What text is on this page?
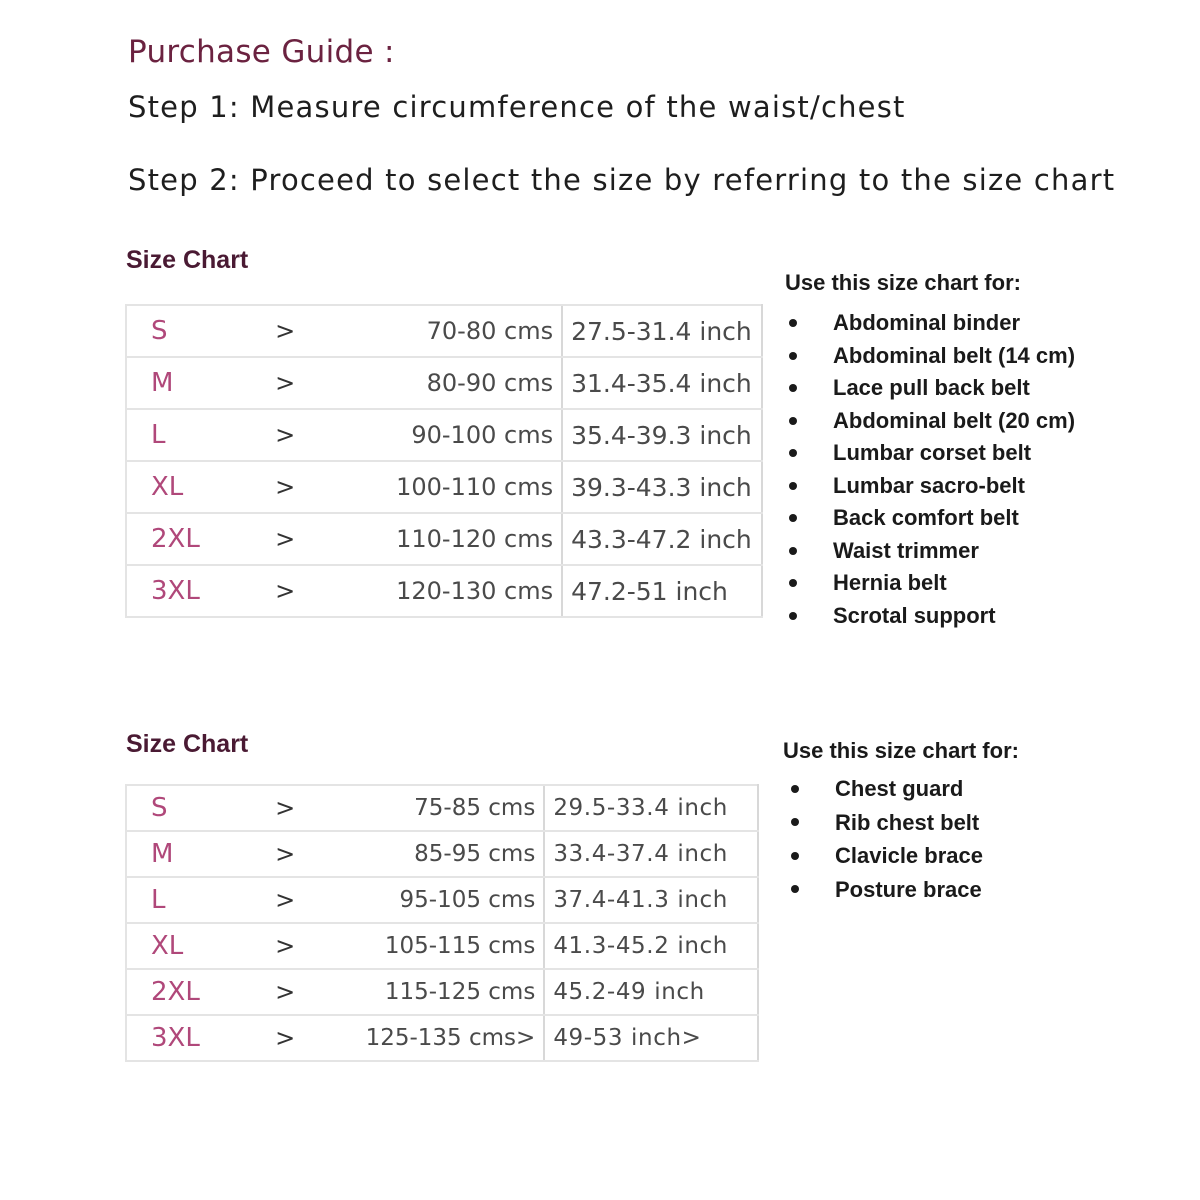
Purchase Guide :
Step 1: Measure circumference of the waist/chest
Step 2: Proceed to select the size by referring to the size chart
Size Chart
S	>	70-80 cms	27.5-31.4 inch
M	>	80-90 cms	31.4-35.4 inch
L	>	90-100 cms	35.4-39.3 inch
XL	>	100-110 cms	39.3-43.3 inch
2XL	>	110-120 cms	43.3-47.2 inch
3XL	>	120-130 cms	47.2-51 inch
Use this size chart for:
Abdominal binder
Abdominal belt (14 cm)
Lace pull back belt
Abdominal belt (20 cm)
Lumbar corset belt
Lumbar sacro-belt
Back comfort belt
Waist trimmer
Hernia belt
Scrotal support
Size Chart
S	>	75-85 cms	29.5-33.4 inch
M	>	85-95 cms	33.4-37.4 inch
L	>	95-105 cms	37.4-41.3 inch
XL	>	105-115 cms	41.3-45.2 inch
2XL	>	115-125 cms	45.2-49 inch
3XL	>	125-135 cms>	49-53 inch>
Use this size chart for:
Chest guard
Rib chest belt
Clavicle brace
Posture brace
